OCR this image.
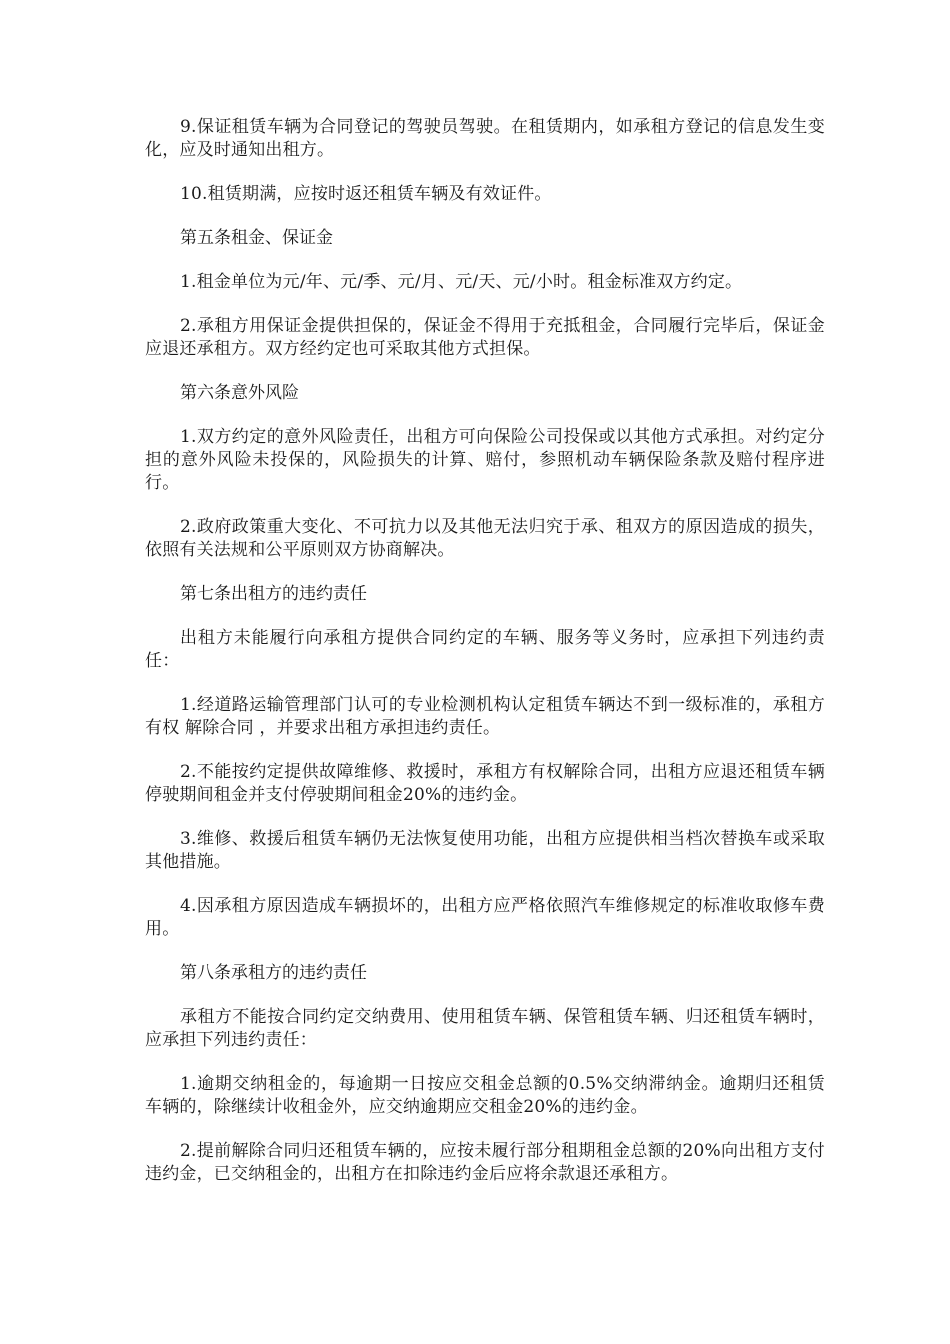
9.保证租赁车辆为合同登记的驾驶员驾驶。在租赁期内，如承租方登记的信息发生变化，应及时通知出租方。

10.租赁期满，应按时返还租赁车辆及有效证件。

第五条租金、保证金

1.租金单位为元/年、元/季、元/月、元/天、元/小时。租金标准双方约定。

2.承租方用保证金提供担保的，保证金不得用于充抵租金，合同履行完毕后，保证金应退还承租方。双方经约定也可采取其他方式担保。

第六条意外风险

1.双方约定的意外风险责任，出租方可向保险公司投保或以其他方式承担。对约定分担的意外风险未投保的，风险损失的计算、赔付，参照机动车辆保险条款及赔付程序进行。

2.政府政策重大变化、不可抗力以及其他无法归究于承、租双方的原因造成的损失，依照有关法规和公平原则双方协商解决。

第七条出租方的违约责任

出租方未能履行向承租方提供合同约定的车辆、服务等义务时，应承担下列违约责任：

1.经道路运输管理部门认可的专业检测机构认定租赁车辆达不到一级标准的，承租方有权 解除合同 ，并要求出租方承担违约责任。

2.不能按约定提供故障维修、救援时，承租方有权解除合同，出租方应退还租赁车辆停驶期间租金并支付停驶期间租金20%的违约金。

3.维修、救援后租赁车辆仍无法恢复使用功能，出租方应提供相当档次替换车或采取其他措施。

4.因承租方原因造成车辆损坏的，出租方应严格依照汽车维修规定的标准收取修车费用。

第八条承租方的违约责任

承租方不能按合同约定交纳费用、使用租赁车辆、保管租赁车辆、归还租赁车辆时，应承担下列违约责任：

1.逾期交纳租金的，每逾期一日按应交租金总额的0.5%交纳滞纳金。逾期归还租赁车辆的，除继续计收租金外，应交纳逾期应交租金20%的违约金。

2.提前解除合同归还租赁车辆的，应按未履行部分租期租金总额的20%向出租方支付违约金，已交纳租金的，出租方在扣除违约金后应将余款退还承租方。
